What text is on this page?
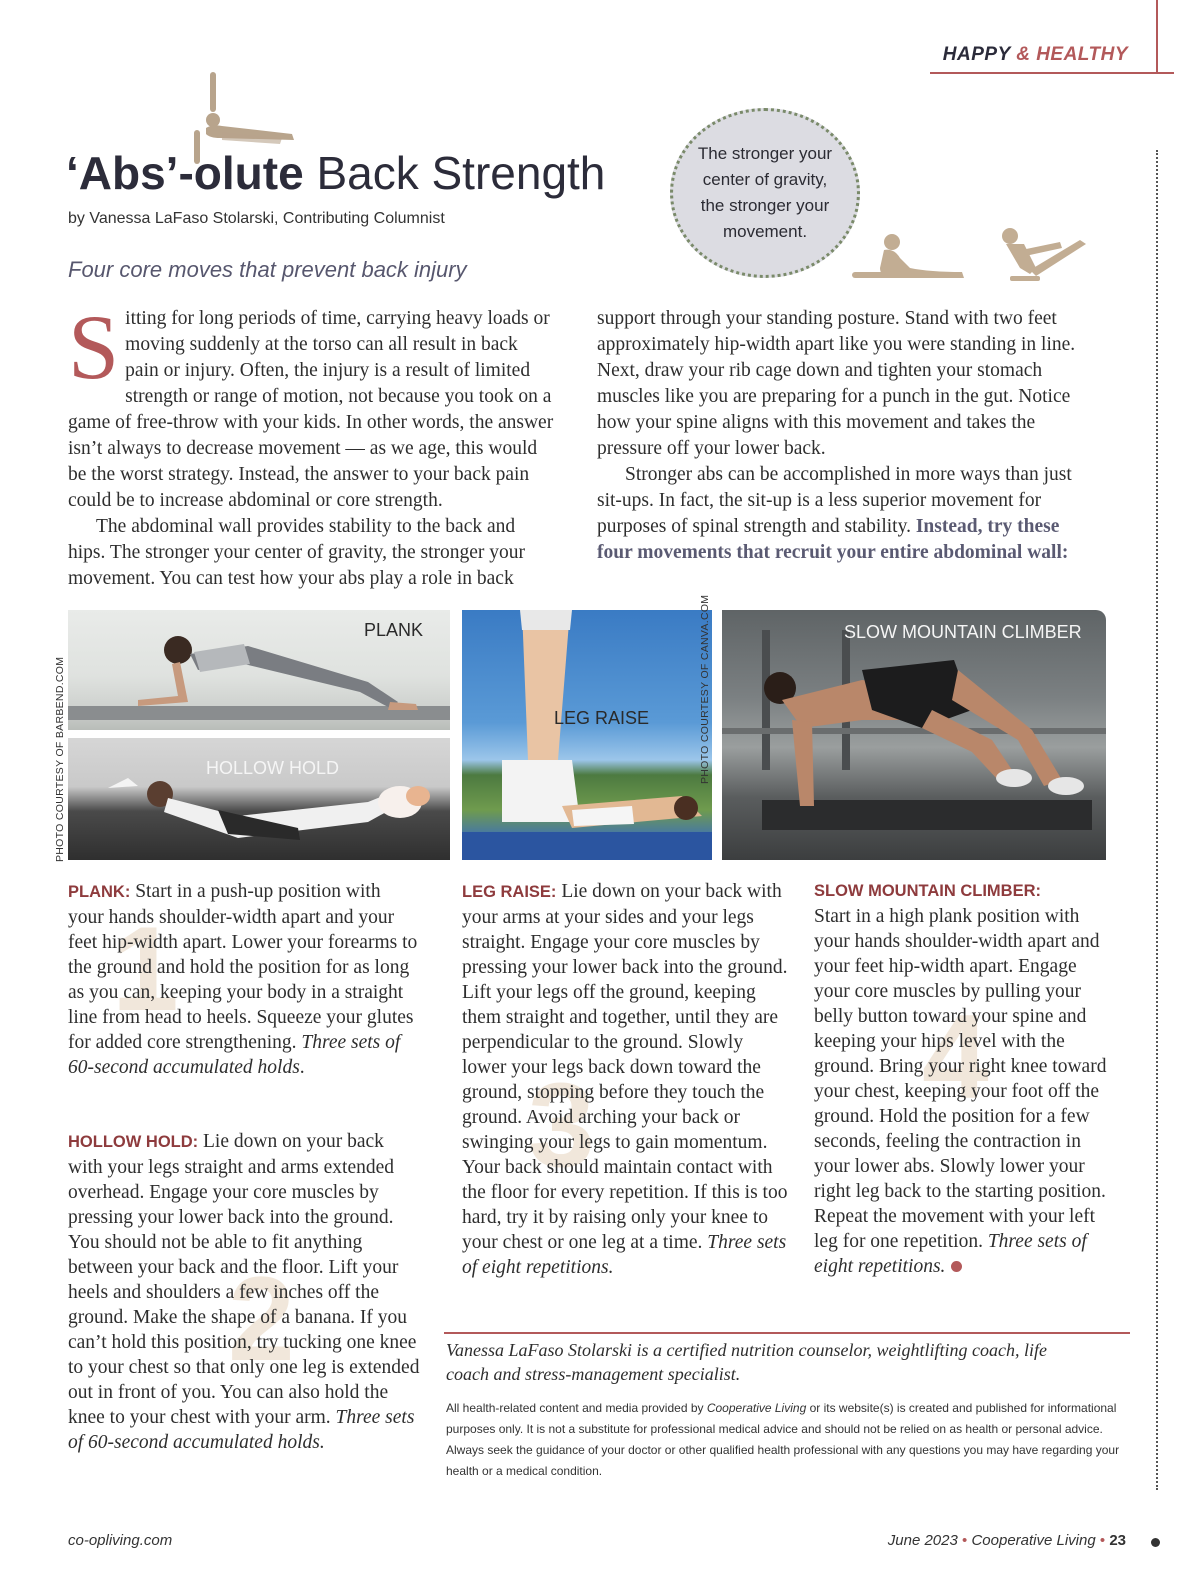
HAPPY & HEALTHY
‘Abs’-olute Back Strength
by Vanessa LaFaso Stolarski, Contributing Columnist
Four core moves that prevent back injury
The stronger your center of gravity, the stronger your movement.

Sitting for long periods of time, carrying heavy loads or moving suddenly at the torso can all result in back pain or injury. Often, the injury is a result of limited strength or range of motion, not because you took on a game of free-throw with your kids. In other words, the answer isn’t always to decrease movement — as we age, this would be the worst strategy. Instead, the answer to your back pain could be to increase abdominal or core strength.

The abdominal wall provides stability to the back and hips. The stronger your center of gravity, the stronger your movement. You can test how your abs play a role in back

support through your standing posture. Stand with two feet approximately hip-width apart like you were standing in line. Next, draw your rib cage down and tighten your stomach muscles like you are preparing for a punch in the gut. Notice how your spine aligns with this movement and takes the pressure off your lower back.

Stronger abs can be accomplished in more ways than just sit-ups. In fact, the sit-up is a less superior movement for purposes of spinal strength and stability. Instead, try these four movements that recruit your entire abdominal wall:

PHOTO COURTESY OF BARBEND.COM
PLANK
HOLLOW HOLD
LEG RAISE	PHOTO COURTESY OF CANVA.COM	SLOW MOUNTAIN CLIMBER
1
PLANK: Start in a push-up position with your hands shoulder-width apart and your feet hip-width apart. Lower your forearms to the ground and hold the position for as long as you can, keeping your body in a straight line from head to heels. Squeeze your glutes for added core strengthening. Three sets of 60-second accumulated holds.
2
HOLLOW HOLD: Lie down on your back with your legs straight and arms extended overhead. Engage your core muscles by pressing your lower back into the ground. You should not be able to fit anything between your back and the floor. Lift your heels and shoulders a few inches off the ground. Make the shape of a banana. If you can’t hold this position, try tucking one knee to your chest so that only one leg is extended out in front of you. You can also hold the knee to your chest with your arm. Three sets of 60-second accumulated holds.
3
LEG RAISE: Lie down on your back with your arms at your sides and your legs straight. Engage your core muscles by pressing your lower back into the ground. Lift your legs off the ground, keeping them straight and together, until they are perpendicular to the ground. Slowly lower your legs back down toward the ground, stopping before they touch the ground. Avoid arching your back or swinging your legs to gain momentum. Your back should maintain contact with the floor for every repetition. If this is too hard, try it by raising only your knee to your chest or one leg at a time. Three sets of eight repetitions.
4
SLOW MOUNTAIN CLIMBER:
Start in a high plank position with your hands shoulder-width apart and your feet hip-width apart. Engage your core muscles by pulling your belly button toward your spine and keeping your hips level with the ground. Bring your right knee toward your chest, keeping your foot off the ground. Hold the position for a few seconds, feeling the contraction in your lower abs. Slowly lower your right leg back to the starting position. Repeat the movement with your left leg for one repetition. Three sets of eight repetitions.
Vanessa LaFaso Stolarski is a certified nutrition counselor, weightlifting coach, life coach and stress-management specialist.
All health-related content and media provided by Cooperative Living or its website(s) is created and published for informational purposes only. It is not a substitute for professional medical advice and should not be relied on as health or personal advice. Always seek the guidance of your doctor or other qualified health professional with any questions you may have regarding your health or a medical condition.
co-opliving.com	June 2023 • Cooperative Living • 23
